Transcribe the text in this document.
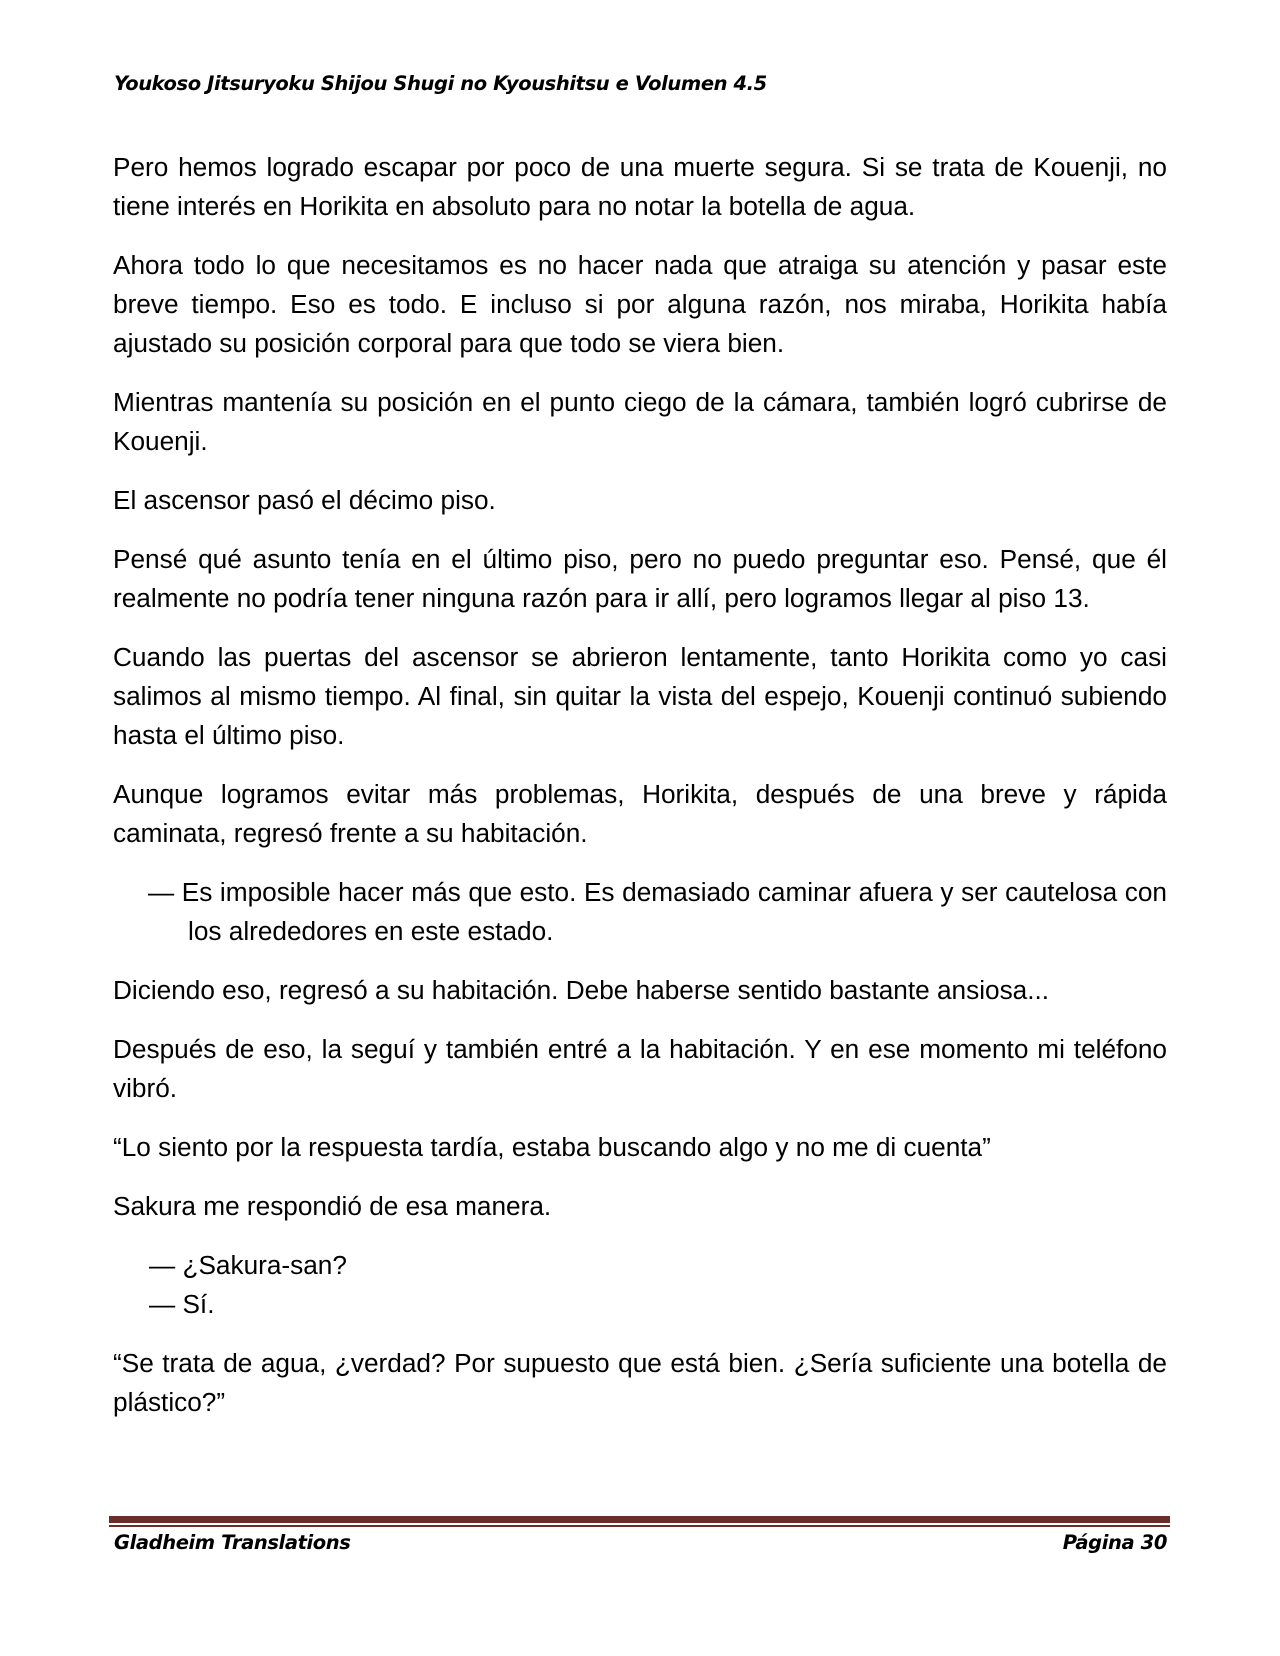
Youkoso Jitsuryoku Shijou Shugi no Kyoushitsu e Volumen 4.5

Pero hemos logrado escapar por poco de una muerte segura. Si se trata de Kouenji, no tiene interés en Horikita en absoluto para no notar la botella de agua.

Ahora todo lo que necesitamos es no hacer nada que atraiga su atención y pasar este breve tiempo. Eso es todo. E incluso si por alguna razón, nos miraba, Horikita había ajustado su posición corporal para que todo se viera bien.

Mientras mantenía su posición en el punto ciego de la cámara, también logró cubrirse de Kouenji.

El ascensor pasó el décimo piso.

Pensé qué asunto tenía en el último piso, pero no puedo preguntar eso. Pensé, que él realmente no podría tener ninguna razón para ir allí, pero logramos llegar al piso 13.

Cuando las puertas del ascensor se abrieron lentamente, tanto Horikita como yo casi salimos al mismo tiempo. Al final, sin quitar la vista del espejo, Kouenji continuó subiendo hasta el último piso.

Aunque logramos evitar más problemas, Horikita, después de una breve y rápida caminata, regresó frente a su habitación.

— Es imposible hacer más que esto. Es demasiado caminar afuera y ser cautelosa con los alrededores en este estado.

Diciendo eso, regresó a su habitación. Debe haberse sentido bastante ansiosa...

Después de eso, la seguí y también entré a la habitación. Y en ese momento mi teléfono vibró.

“Lo siento por la respuesta tardía, estaba buscando algo y no me di cuenta”

Sakura me respondió de esa manera.

— ¿Sakura-san?

— Sí.

“Se trata de agua, ¿verdad? Por supuesto que está bien. ¿Sería suficiente una botella de plástico?”

Gladheim Translations	Página 30
